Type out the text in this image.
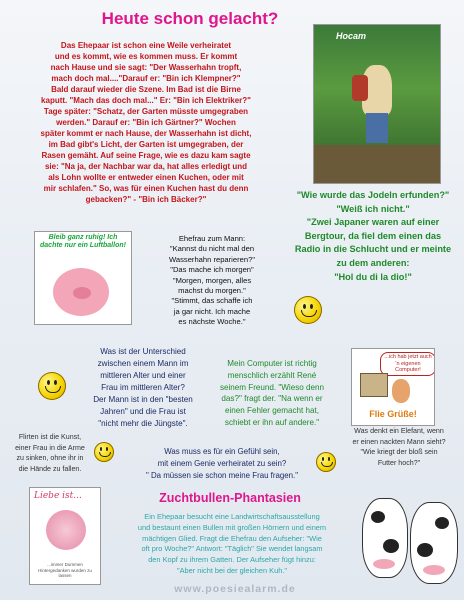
Heute schon gelacht?
Das Ehepaar ist schon eine Weile verheiratet
und es kommt, wie es kommen muss. Er kommt
nach Hause und sie sagt: "Der Wasserhahn tropft,
mach doch mal...."Darauf er: "Bin ich Klempner?"
Bald darauf wieder die Szene. Im Bad ist die Birne
kaputt. "Mach das doch mal..." Er: "Bin ich Elektriker?"
Tage später: "Schatz, der Garten müsste umgegraben
werden." Darauf er: "Bin ich Gärtner?" Wochen
später kommt er nach Hause, der Wasserhahn ist dicht,
im Bad gibt's Licht, der Garten ist umgegraben, der
Rasen gemäht. Auf seine Frage, wie es dazu kam sagte
sie: "Na ja, der Nachbar war da, hat alles erledigt und
als Lohn wollte er entweder einen Kuchen, oder mit
mir schlafen." So, was für einen Kuchen hast du denn
gebacken?" - "Bin ich Bäcker?"
Hocam
"Wie wurde das Jodeln erfunden?"
"Weiß ich nicht."
"Zwei Japaner waren auf einer
Bergtour, da fiel dem einen das
Radio in die Schlucht und er meinte
zu dem anderen:
"Hol du di la dio!"
Bleib ganz ruhig! Ich dachte nur ein Luftballon!
Ehefrau zum Mann:
"Kannst du nicht mal den
Wasserhahn reparieren?"
"Das mache ich morgen"
"Morgen, morgen, alles
machst du morgen."
"Stimmt, das schaffe ich
ja gar nicht. Ich mache
es nächste Woche."
Was ist der Unterschied
zwischen einem Mann im
mittleren Alter und einer
Frau im mittleren Alter?
Der Mann ist in den "besten
Jahren" und die Frau ist
"nicht mehr die Jüngste".
Mein Computer ist richtig
menschlich erzählt René
seinem Freund. "Wieso denn
das?" fragt der. "Na wenn er
einen Fehler gemacht hat,
schiebt er ihn auf andere."
...ich hab jetzt auch 'n eigenen Computer!
Flie Grüße!
Flirten ist die Kunst,
einer Frau in die Arme
zu sinken, ohne ihr in
die Hände zu fallen.
Was muss es für ein Gefühl sein,
mit einem Genie verheiratet zu sein?
" Da müssen sie schon meine Frau fragen."
Was denkt ein Elefant, wenn
er einen nackten Mann sieht?
"Wie kriegt der bloß sein
Futter hoch?"
Liebe ist...
...immer Dummen Hintergedanken wurden zu lassen
Zuchtbullen-Phantasien
Ein Ehepaar besucht eine Landwirtschaftsausstellung
und bestaunt einen Bullen mit großen Hörnern und einem
mächtigen Glied. Fragt die Ehefrau den Aufseher: "Wie
oft pro Woche?" Antwort: "Täglich" Sie wendet langsam
den Kopf zu ihrem Gatten. Der Aufseher fügt hinzu:
"Aber nicht bei der gleichen Kuh."
www.poesiealarm.de
